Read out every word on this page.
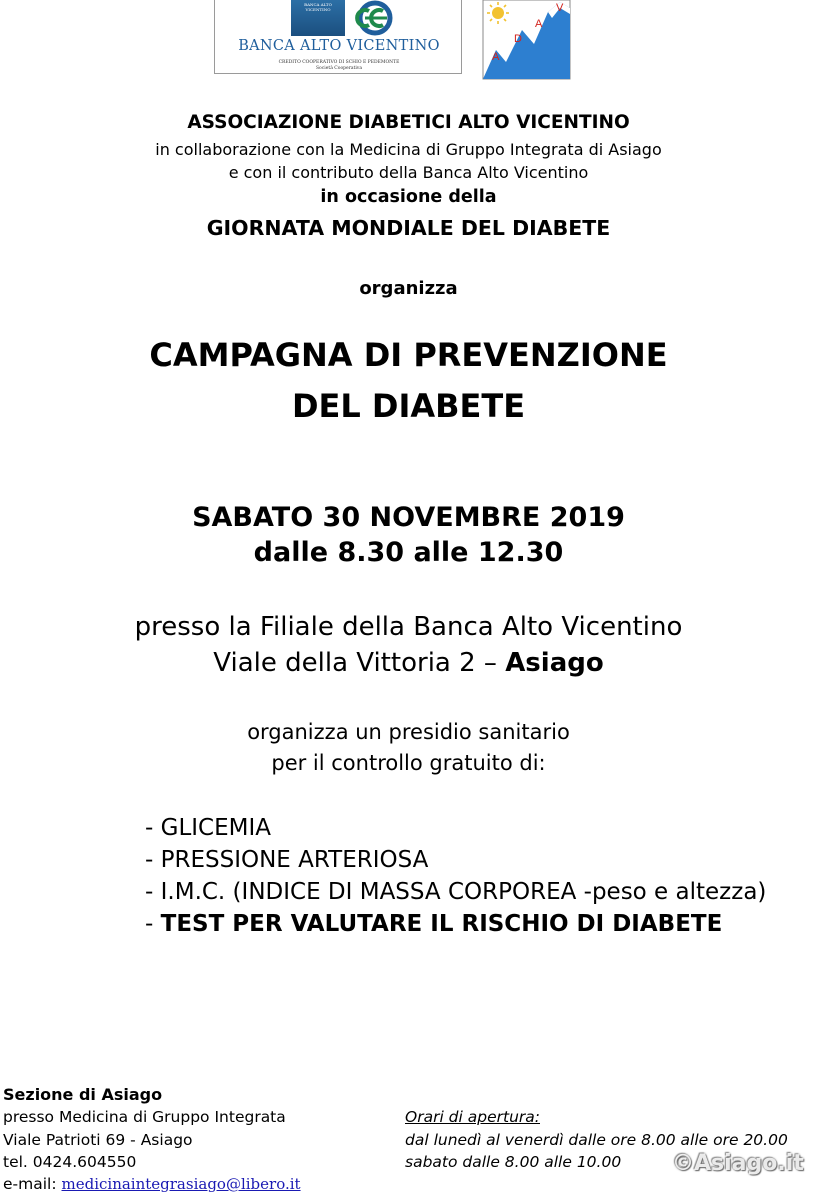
BANCA ALTO VICENTINO
BANCA ALTO VICENTINO
CREDITO COOPERATIVO DI SCHIO E PEDEMONTE
Società Cooperativa
A
D
A
V
ASSOCIAZIONE DIABETICI ALTO VICENTINO
in collaborazione con la Medicina di Gruppo Integrata di Asiago
e con il contributo della Banca Alto Vicentino
in occasione della
GIORNATA MONDIALE DEL DIABETE
organizza
CAMPAGNA DI PREVENZIONE
DEL DIABETE
SABATO 30 NOVEMBRE 2019
dalle 8.30 alle 12.30
presso la Filiale della Banca Alto Vicentino
Viale della Vittoria 2 – Asiago
organizza un presidio sanitario
per il controllo gratuito di:
- GLICEMIA
- PRESSIONE ARTERIOSA
- I.M.C. (INDICE DI MASSA CORPOREA -peso e altezza)
- TEST PER VALUTARE IL RISCHIO DI DIABETE
Sezione di Asiago
presso Medicina di Gruppo Integrata
Viale Patrioti 69 - Asiago
tel. 0424.604550
e-mail: medicinaintegrasiago@libero.it
Orari di apertura:
dal lunedì al venerdì dalle ore 8.00 alle ore 20.00
sabato dalle 8.00 alle 10.00 ©Asiago.it
